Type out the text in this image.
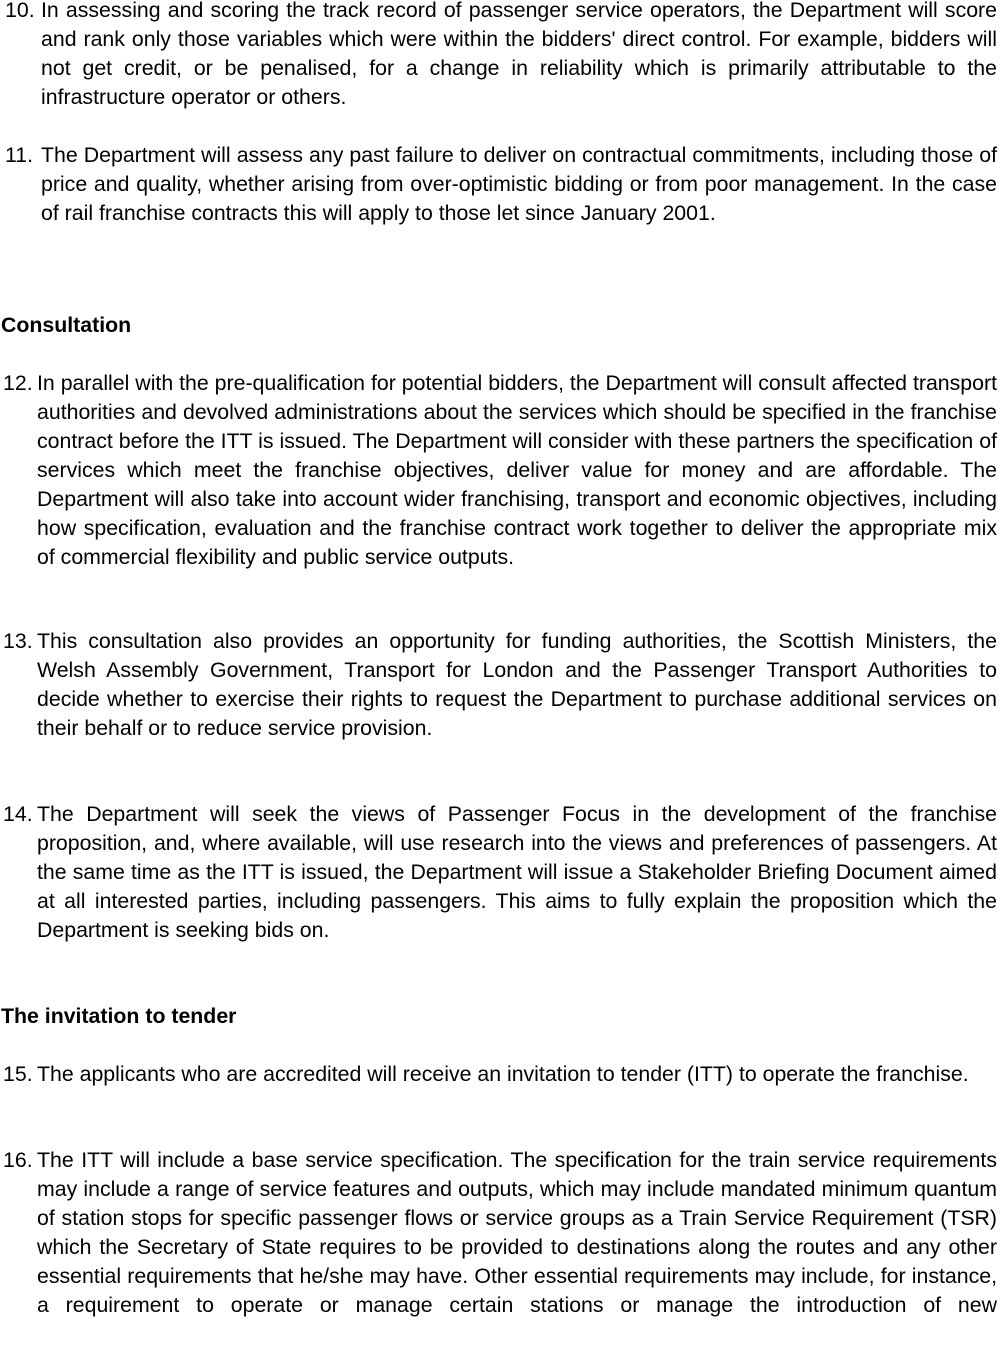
10. In assessing and scoring the track record of passenger service operators, the Department will score and rank only those variables which were within the bidders' direct control. For example, bidders will not get credit, or be penalised, for a change in reliability which is primarily attributable to the infrastructure operator or others.
11. The Department will assess any past failure to deliver on contractual commitments, including those of price and quality, whether arising from over-optimistic bidding or from poor management. In the case of rail franchise contracts this will apply to those let since January 2001.
Consultation
12. In parallel with the pre-qualification for potential bidders, the Department will consult affected transport authorities and devolved administrations about the services which should be specified in the franchise contract before the ITT is issued. The Department will consider with these partners the specification of services which meet the franchise objectives, deliver value for money and are affordable. The Department will also take into account wider franchising, transport and economic objectives, including how specification, evaluation and the franchise contract work together to deliver the appropriate mix of commercial flexibility and public service outputs.
13. This consultation also provides an opportunity for funding authorities, the Scottish Ministers, the Welsh Assembly Government, Transport for London and the Passenger Transport Authorities to decide whether to exercise their rights to request the Department to purchase additional services on their behalf or to reduce service provision.
14. The Department will seek the views of Passenger Focus in the development of the franchise proposition, and, where available, will use research into the views and preferences of passengers. At the same time as the ITT is issued, the Department will issue a Stakeholder Briefing Document aimed at all interested parties, including passengers. This aims to fully explain the proposition which the Department is seeking bids on.
The invitation to tender
15. The applicants who are accredited will receive an invitation to tender (ITT) to operate the franchise.
16. The ITT will include a base service specification. The specification for the train service requirements may include a range of service features and outputs, which may include mandated minimum quantum of station stops for specific passenger flows or service groups as a Train Service Requirement (TSR) which the Secretary of State requires to be provided to destinations along the routes and any other essential requirements that he/she may have. Other essential requirements may include, for instance, a requirement to operate or manage certain stations or manage the introduction of new
